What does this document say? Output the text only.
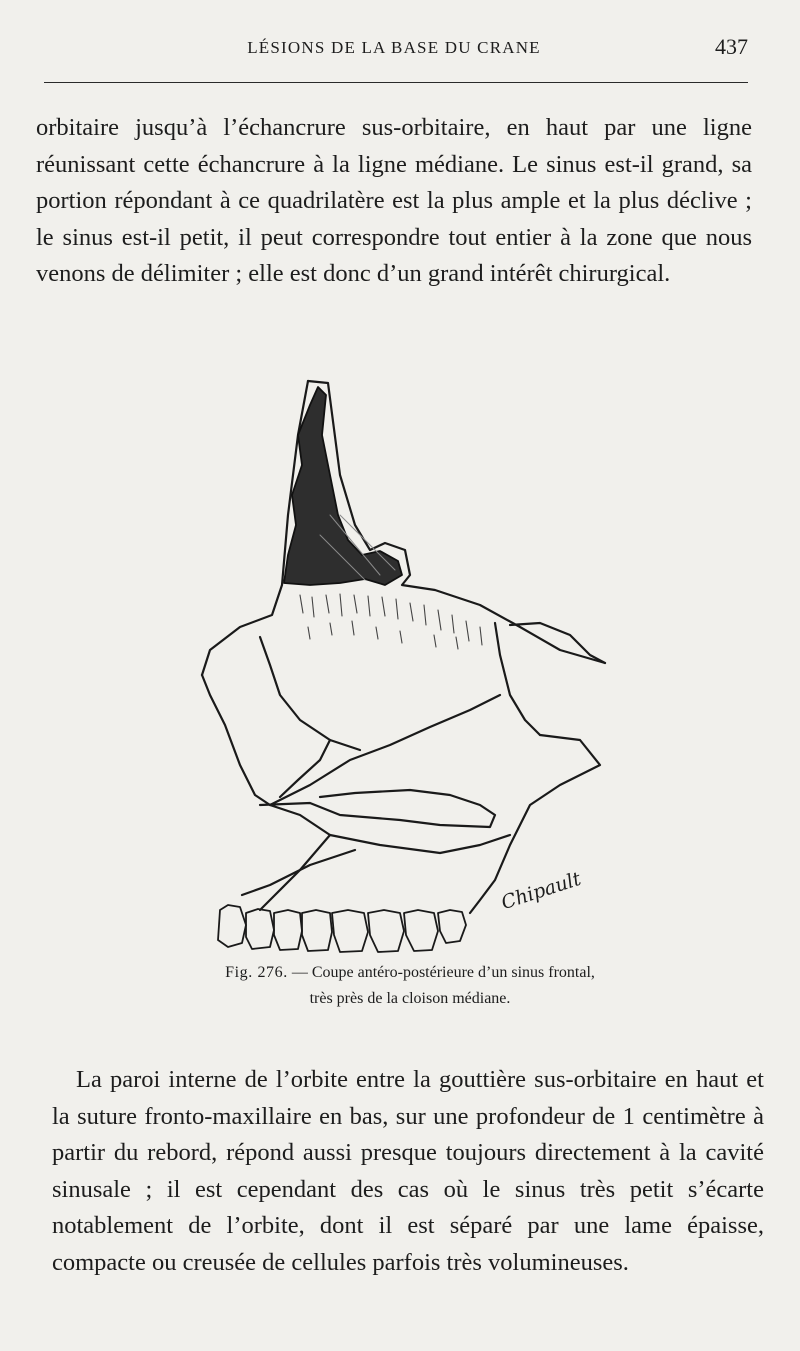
LÉSIONS DE LA BASE DU CRANE	437

orbitaire jusqu’à l’échancrure sus-orbitaire, en haut par une ligne réunissant cette échancrure à la ligne médiane. Le sinus est-il grand, sa portion répondant à ce quadrilatère est la plus ample et la plus déclive ; le sinus est-il petit, il peut correspondre tout entier à la zone que nous venons de délimiter ; elle est donc d’un grand intérêt chirurgical.

Chipault
Fig. 276. — Coupe antéro-postérieure d’un sinus frontal,
très près de la cloison médiane.

La paroi interne de l’orbite entre la gouttière sus-orbitaire en haut et la suture fronto-maxillaire en bas, sur une profondeur de 1 centimètre à partir du rebord, répond aussi presque toujours directement à la cavité sinusale ; il est cependant des cas où le sinus très petit s’écarte notablement de l’orbite, dont il est séparé par une lame épaisse, compacte ou creusée de cellules parfois très volumineuses.
